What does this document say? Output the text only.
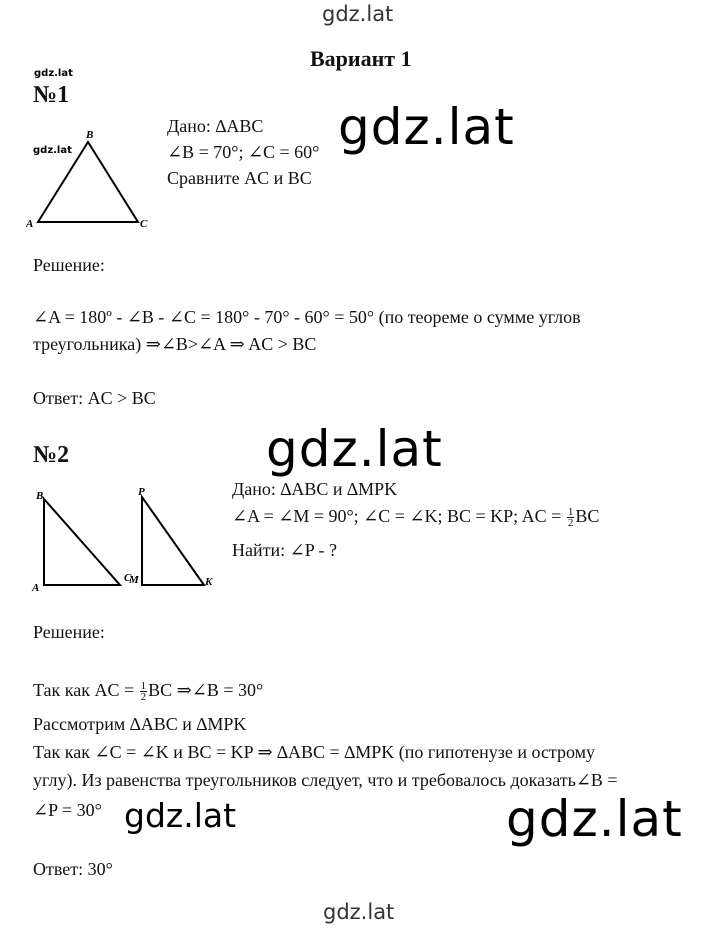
gdz.lat
gdz.lat
Вариант 1
gdz.lat
№1
gdz.lat
A
B
C
Дано: ∆ABC
∠B = 70°; ∠C = 60°
Сравните AC и BC
gdz.lat
Решение:
∠A = 180º - ∠B - ∠C = 180° - 70° - 60° = 50° (по теореме о сумме углов
треугольника) ⇒∠B>∠A ⇒ AC > BC
Ответ: AC > BC
№2	gdz.lat
B
A
C
P
M	K
Дано: ∆ABC и ∆MPK
∠A = ∠M = 90°; ∠C = ∠K; BC = KP; AC = $\frac{1}{2}$ BC
Найти: ∠P - ?
Решение:
Так как AC = $\frac{1}{2}$ BC ⇒∠B = 30°
Рассмотрим ∆ABC и ∆MPK
Так как ∠C = ∠K и BC = KP ⇒ ∆ABC = ∆MPK (по гипотенузе и острому
углу). Из равенства треугольников следует, что и требовалось доказать∠B =
∠P = 30° gdz.lat	gdz.lat
Ответ: 30°
